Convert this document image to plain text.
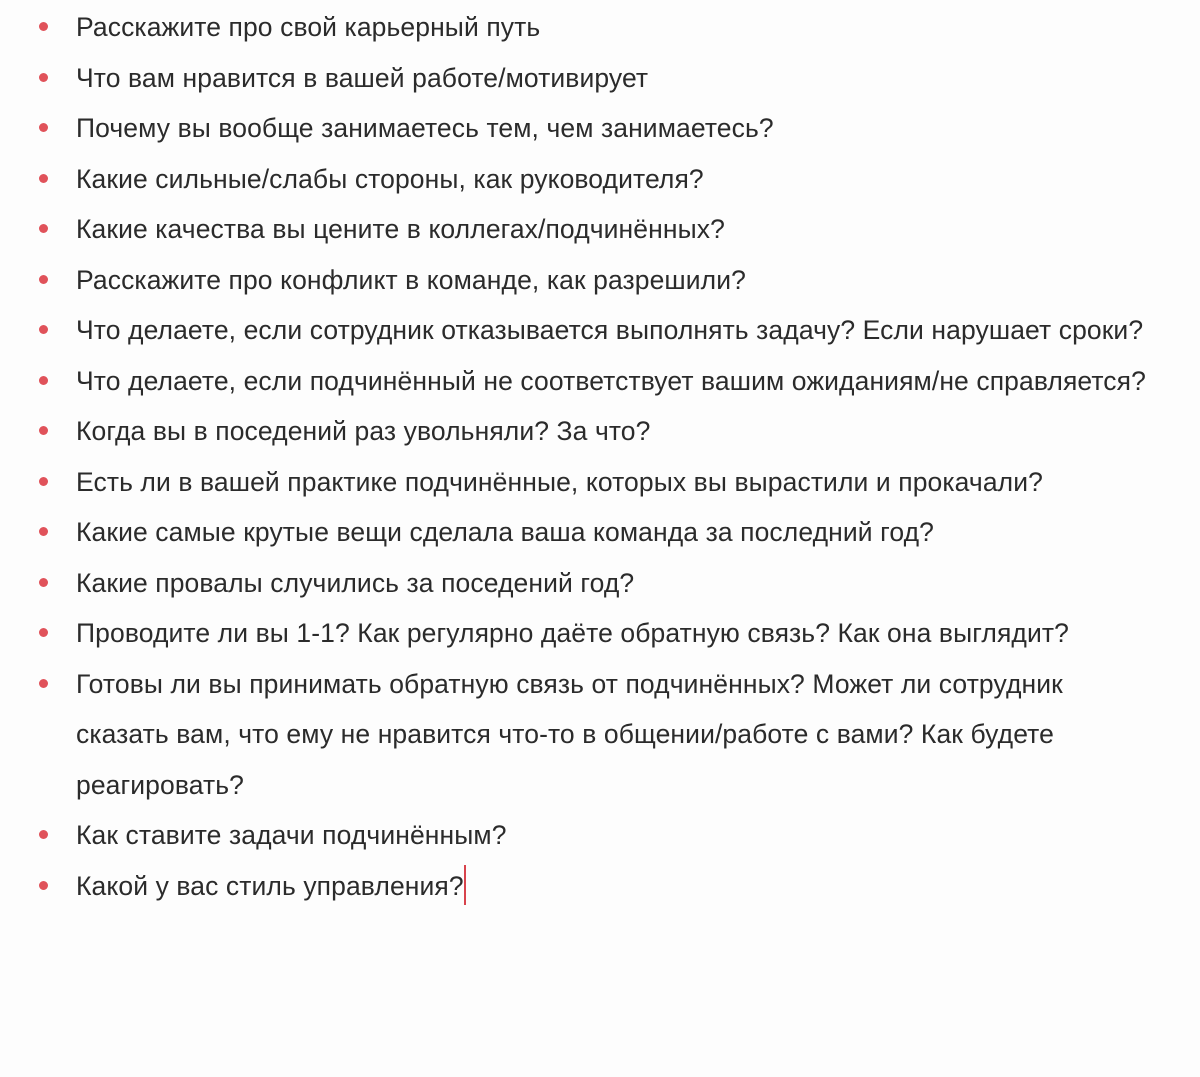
Расскажите про свой карьерный путь
Что вам нравится в вашей работе/мотивирует
Почему вы вообще занимаетесь тем, чем занимаетесь?
Какие сильные/слабы стороны, как руководителя?
Какие качества вы цените в коллегах/подчинённых?
Расскажите про конфликт в команде, как разрешили?
Что делаете, если сотрудник отказывается выполнять задачу? Если нарушает сроки?
Что делаете, если подчинённый не соответствует вашим ожиданиям/не справляется?
Когда вы в поседений раз увольняли? За что?
Есть ли в вашей практике подчинённые, которых вы вырастили и прокачали?
Какие самые крутые вещи сделала ваша команда за последний год?
Какие провалы случились за поседений год?
Проводите ли вы 1-1? Как регулярно даёте обратную связь? Как она выглядит?
Готовы ли вы принимать обратную связь от подчинённых? Может ли сотрудник сказать вам, что ему не нравится что-то в общении/работе с вами? Как будете реагировать?
Как ставите задачи подчинённым?
Какой у вас стиль управления?
